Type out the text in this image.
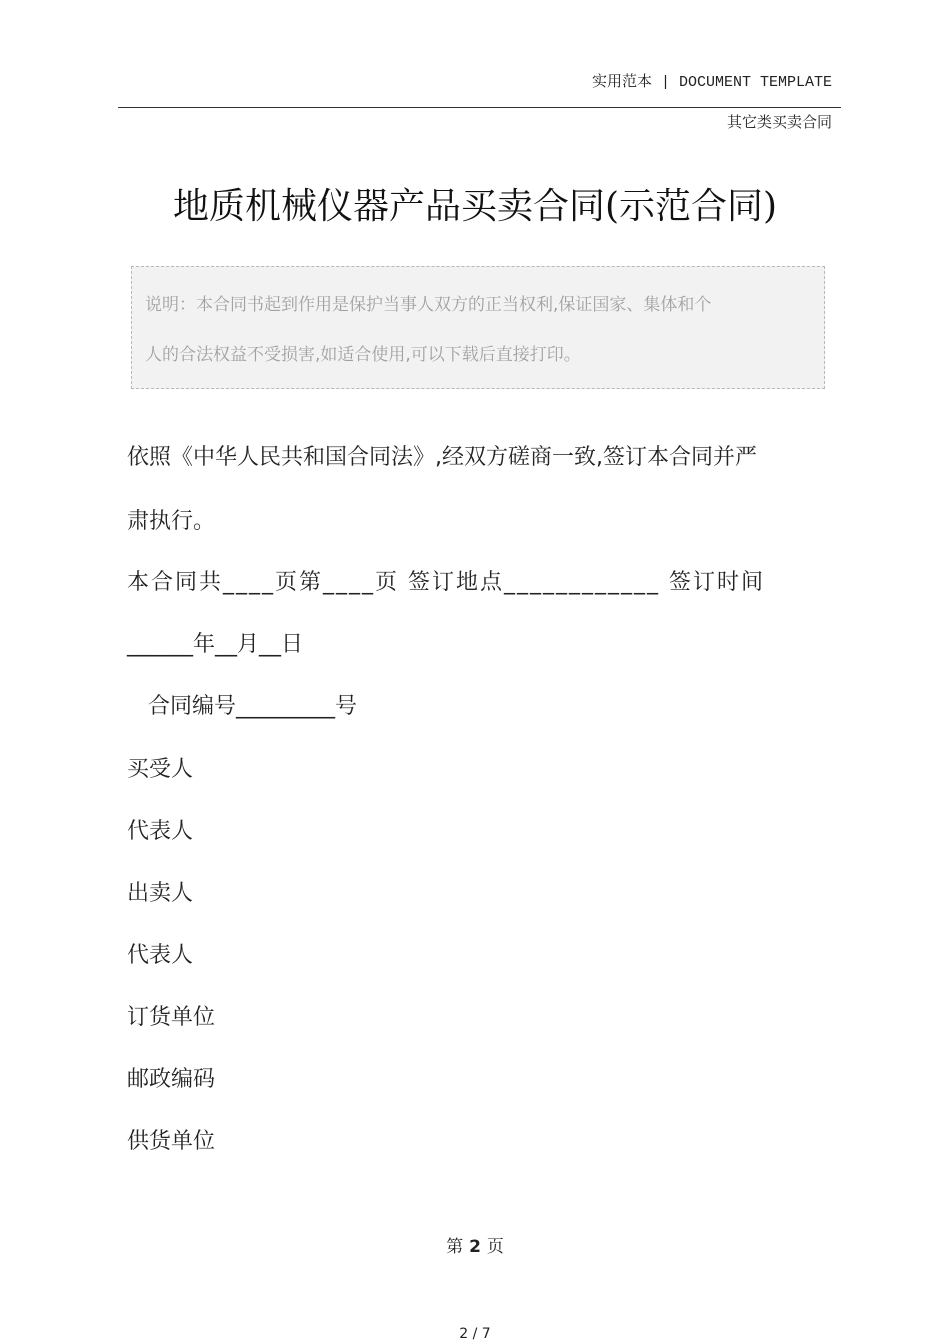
实用范本 | DOCUMENT TEMPLATE
其它类买卖合同
地质机械仪器产品买卖合同(示范合同)

说明：本合同书起到作用是保护当事人双方的正当权利,保证国家、集体和个

人的合法权益不受损害,如适合使用,可以下载后直接打印。

依照《中华人民共和国合同法》,经双方磋商一致,签订本合同并严

肃执行。

本合同共____页第____页 签订地点____________ 签订时间

______年__月__日

合同编号_________号

买受人

代表人

出卖人

代表人

订货单位

邮政编码

供货单位

第 2 页
2 / 7
